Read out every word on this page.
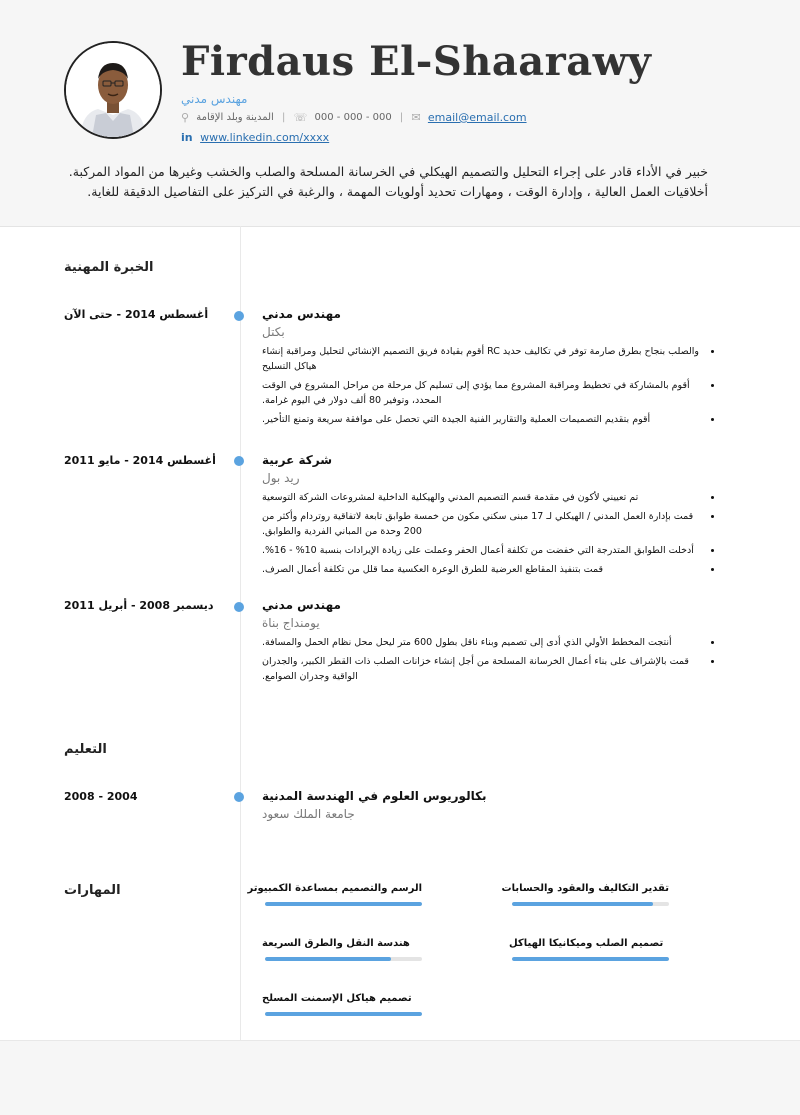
Firdaus El-Shaarawy
مهندس مدني
⚲ المدينة وبلد الإقامة | ☏ 000 - 000 - 000 | ✉ email@email.com
in www.linkedin.com/xxxx
خبير في الأداء قادر على إجراء التحليل والتصميم الهيكلي في الخرسانة المسلحة والصلب والخشب وغيرها من المواد المركبة. أخلاقيات العمل العالية ، وإدارة الوقت ، ومهارات تحديد أولويات المهمة ، والرغبة في التركيز على التفاصيل الدقيقة للغاية.
الخبرة المهنية
أغسطس 2014 - حتى الآن	مهندس مدني
بكتل
• والصلب بنجاح بطرق صارمة توفر في تكاليف حديد RC أقوم بقيادة فريق التصميم الإنشائي لتحليل ومراقبة إنشاء هياكل التسليح
• أقوم بالمشاركة في تخطيط ومراقبة المشروع مما يؤدي إلى تسليم كل مرحلة من مراحل المشروع في الوقت المحدد، وتوفير 80 ألف دولار في اليوم غرامة.
• أقوم بتقديم التصميمات العملية والتقارير الفنية الجيدة التي تحصل على موافقة سريعة وتمنع التأخير.
أغسطس 2014 - مايو 2011	شركة عربية
ريد بول
• تم تعييني لأكون في مقدمة قسم التصميم المدني والهيكلية الداخلية لمشروعات الشركة التوسعية
• قمت بإدارة العمل المدني / الهيكلي لـ 17 مبنى سكني مكون من خمسة طوابق تابعة لاتفاقية روتردام وأكثر من 200 وحدة من المباني الفردية والطوابق.
• أدخلت الطوابق المتدرجة التي خفضت من تكلفة أعمال الحفر وعملت على زيادة الإيرادات بنسبة 10% - 16%.
• قمت بتنفيذ المقاطع العرضية للطرق الوعرة العكسية مما قلل من تكلفة أعمال الصرف.
ديسمبر 2008 - أبريل 2011	مهندس مدني
يومنداج بناة
• أنتجت المخطط الأولي الذي أدى إلى تصميم وبناء ناقل بطول 600 متر ليحل محل نظام الحمل والمسافة.
• قمت بالإشراف على بناء أعمال الخرسانة المسلحة من أجل إنشاء خزانات الصلب ذات القطر الكبير، والجدران الواقية وجدران الصوامع.
التعليم
2004 - 2008	بكالوريوس العلوم في الهندسة المدنية
جامعة الملك سعود
المهارات	الرسم والتصميم بمساعدة الكمبيوتر	تقدير التكاليف والعقود والحسابات
هندسة النقل والطرق السريعة	تصميم الصلب وميكانيكا الهياكل
تصميم هياكل الإسمنت المسلح
